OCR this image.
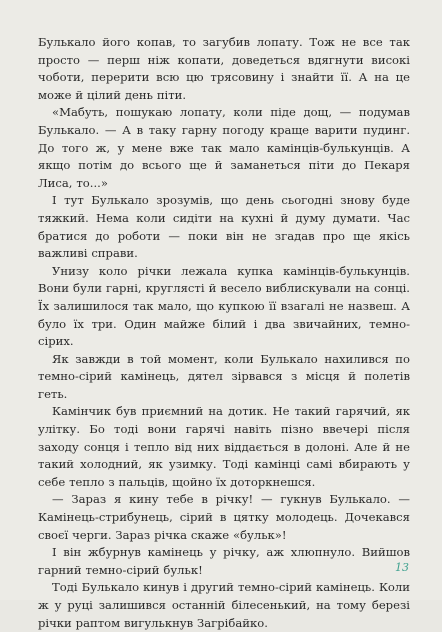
Булькало його копав, то загубив лопату. Тож не все так просто — перш ніж копати, доведеться вдягнути високі чоботи, перерити всю цю трясовину і знайти її. А на це може й цілий день піти.

«Мабуть, пошукаю лопату, коли піде дощ, — подумав Булькало. — А в таку гарну погоду краще варити пудинг. До того ж, у мене вже так мало камінців-булькунців. А якщо потім до всього ще й заманеться піти до Пекаря Лиса, то...»

І тут Булькало зрозумів, що день сьогодні знову буде тяжкий. Нема коли сидіти на кухні й думу думати. Час братися до роботи — поки він не згадав про ще якісь важливі справи.

Унизу коло річки лежала купка камінців-булькунців. Вони були гарні, круглясті й весело виблискували на сонці. Їх залишилося так мало, що купкою її взагалі не назвеш. А було їх три. Один майже білий і два звичайних, темно-сірих.

Як завжди в той момент, коли Булькало нахилився по темно-сірий камінець, дятел зірвався з місця й полетів геть.

Камінчик був приємний на дотик. Не такий гарячий, як улітку. Бо тоді вони гарячі навіть пізно ввечері після заходу сонця і тепло від них віддається в долоні. Але й не такий холодний, як узимку. Тоді камінці самі вбирають у себе тепло з пальців, щойно їх доторкнешся.

— Зараз я кину тебе в річку! — гукнув Булькало. — Камінець-стрибунець, сірий в цятку молодець. Дочекався своєї черги. Зараз річка скаже «бульк»!

І він жбурнув камінець у річку, аж хлюпнуло. Вийшов гарний темно-сірий бульк!

Тоді Булькало кинув і другий темно-сірий камінець. Коли ж у руці залишився останній білесенький, на тому березі річки раптом вигулькнув Загрібайко.

13
